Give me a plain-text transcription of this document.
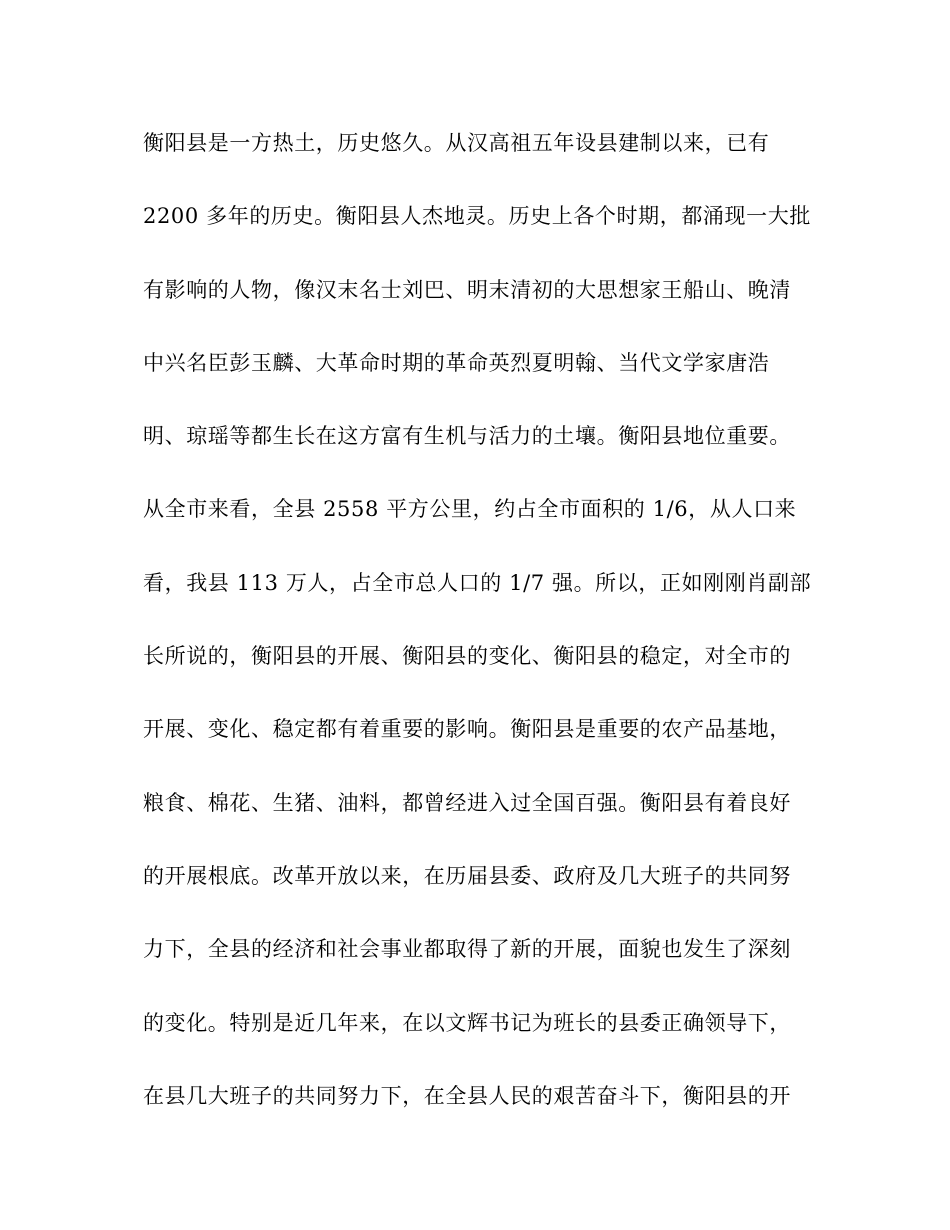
衡阳县是一方热土，历史悠久。从汉高祖五年设县建制以来，已有
2200 多年的历史。衡阳县人杰地灵。历史上各个时期，都涌现一大批
有影响的人物，像汉末名士刘巴、明末清初的大思想家王船山、晚清
中兴名臣彭玉麟、大革命时期的革命英烈夏明翰、当代文学家唐浩
明、琼瑶等都生长在这方富有生机与活力的土壤。衡阳县地位重要。
从全市来看，全县 2558 平方公里，约占全市面积的 1/6，从人口来
看，我县 113 万人，占全市总人口的 1/7 强。所以，正如刚刚肖副部
长所说的，衡阳县的开展、衡阳县的变化、衡阳县的稳定，对全市的
开展、变化、稳定都有着重要的影响。衡阳县是重要的农产品基地，
粮食、棉花、生猪、油料，都曾经进入过全国百强。衡阳县有着良好
的开展根底。改革开放以来，在历届县委、政府及几大班子的共同努
力下，全县的经济和社会事业都取得了新的开展，面貌也发生了深刻
的变化。特别是近几年来，在以文辉书记为班长的县委正确领导下，
在县几大班子的共同努力下，在全县人民的艰苦奋斗下，衡阳县的开
